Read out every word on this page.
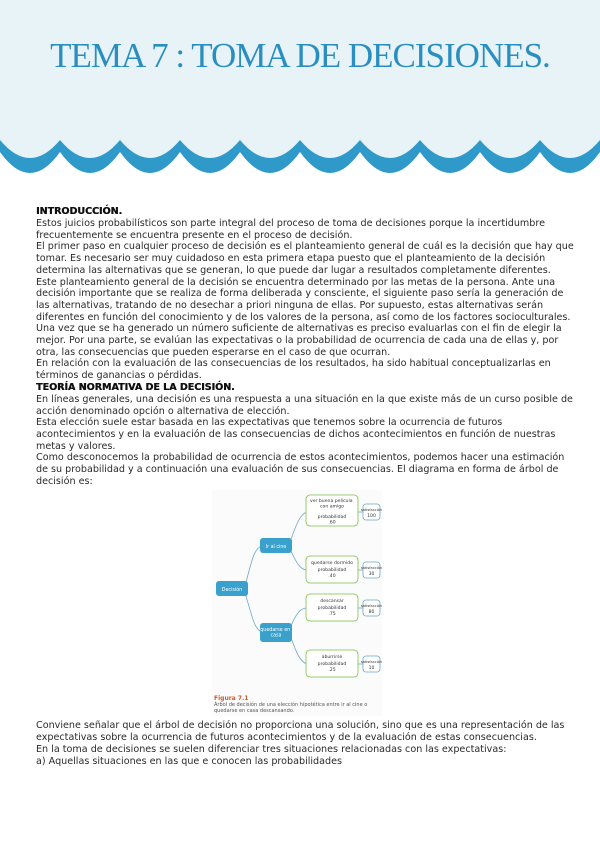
TEMA 7 : TOMA DE DECISIONES.

INTRODUCCIÓN.

Estos juicios probabilísticos son parte integral del proceso de toma de decisiones porque la incertidumbre frecuentemente se encuentra presente en el proceso de decisión.

El primer paso en cualquier proceso de decisión es el planteamiento general de cuál es la decisión que hay que tomar. Es necesario ser muy cuidadoso en esta primera etapa puesto que el planteamiento de la decisión determina las alternativas que se generan, lo que puede dar lugar a resultados completamente diferentes.

Este planteamiento general de la decisión se encuentra determinado por las metas de la persona. Ante una decisión importante que se realiza de forma deliberada y consciente, el siguiente paso sería la generación de las alternativas, tratando de no desechar a priori ninguna de ellas. Por supuesto, estas alternativas serán diferentes en función del conocimiento y de los valores de la persona, así como de los factores socioculturales.

Una vez que se ha generado un número suficiente de alternativas es preciso evaluarlas con el fin de elegir la mejor. Por una parte, se evalúan las expectativas o la probabilidad de ocurrencia de cada una de ellas y, por otra, las consecuencias que pueden esperarse en el caso de que ocurran.

En relación con la evaluación de las consecuencias de los resultados, ha sido habitual conceptualizarlas en términos de ganancias o pérdidas.

TEORÍA NORMATIVA DE LA DECISIÓN.

En líneas generales, una decisión es una respuesta a una situación en la que existe más de un curso posible de acción denominado opción o alternativa de elección.

Esta elección suele estar basada en las expectativas que tenemos sobre la ocurrencia de futuros acontecimientos y en la evaluación de las consecuencias de dichos acontecimientos en función de nuestras metas y valores.

Como desconocemos la probabilidad de ocurrencia de estos acontecimientos, podemos hacer una estimación de su probabilidad y a continuación una evaluación de sus consecuencias. El diagrama en forma de árbol de decisión es:

Decisión
Ir al cine
quedarse en casa
ver buena película con amigo
probabilidad
.60
satisfacción
100
quedarse dormido
probabilidad
.40
satisfacción
30
descansar
probabilidad
.75
satisfacción
80
aburrirse
probabilidad
.25
satisfacción
10
Figura 7.1
Árbol de decisión de una elección hipotética entre ir al cine o quedarse en casa descansando.

Conviene señalar que el árbol de decisión no proporciona una solución, sino que es una representación de las expectativas sobre la ocurrencia de futuros acontecimientos y de la evaluación de estas consecuencias.

En la toma de decisiones se suelen diferenciar tres situaciones relacionadas con las expectativas:

a) Aquellas situaciones en las que e conocen las probabilidades
